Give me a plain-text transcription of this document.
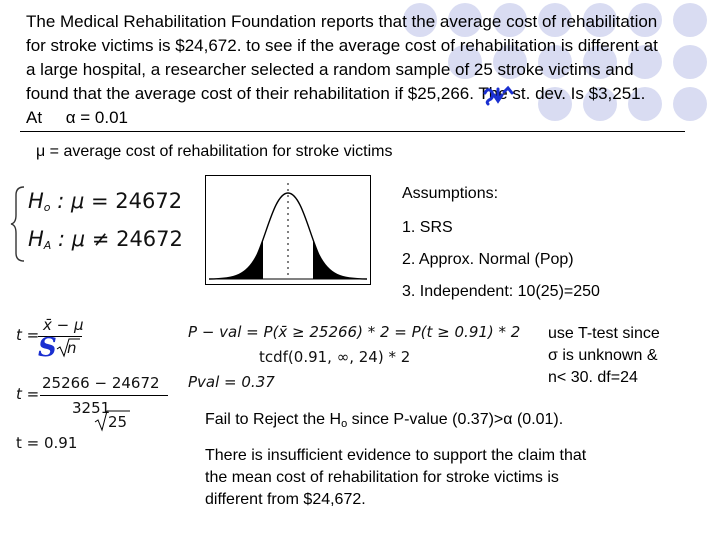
The Medical Rehabilitation Foundation reports that the average cost of rehabilitation
for stroke victims is $24,672. to see if the average cost of rehabilitation is different at
a large hospital, a researcher selected a random sample of 25 stroke victims and
found that the average cost of their rehabilitation if $25,266. The st. dev. Is $3,251.
At α = 0.01
μ = average cost of rehabilitation for stroke victims
$H_o$ : μ = 24672
$H_A$ : μ ≠ 24672
Assumptions:
1. SRS
2. Approx. Normal (Pop)
3. Independent: 10(25)=250
t =
x̄ − μ
n
S
t =
25266 − 24672
3251
25
t = 0.91
P − val = P(x̄ ≥ 25266) * 2 = P(t ≥ 0.91) * 2
tcdf(0.91, ∞, 24) * 2
Pval = 0.37
use T-test since
σ is unknown &
n< 30. df=24
Fail to Reject the $H_o$ since P-value (0.37)>α (0.01).
There is insufficient evidence to support the claim that
the mean cost of rehabilitation for stroke victims is
different from $24,672.
